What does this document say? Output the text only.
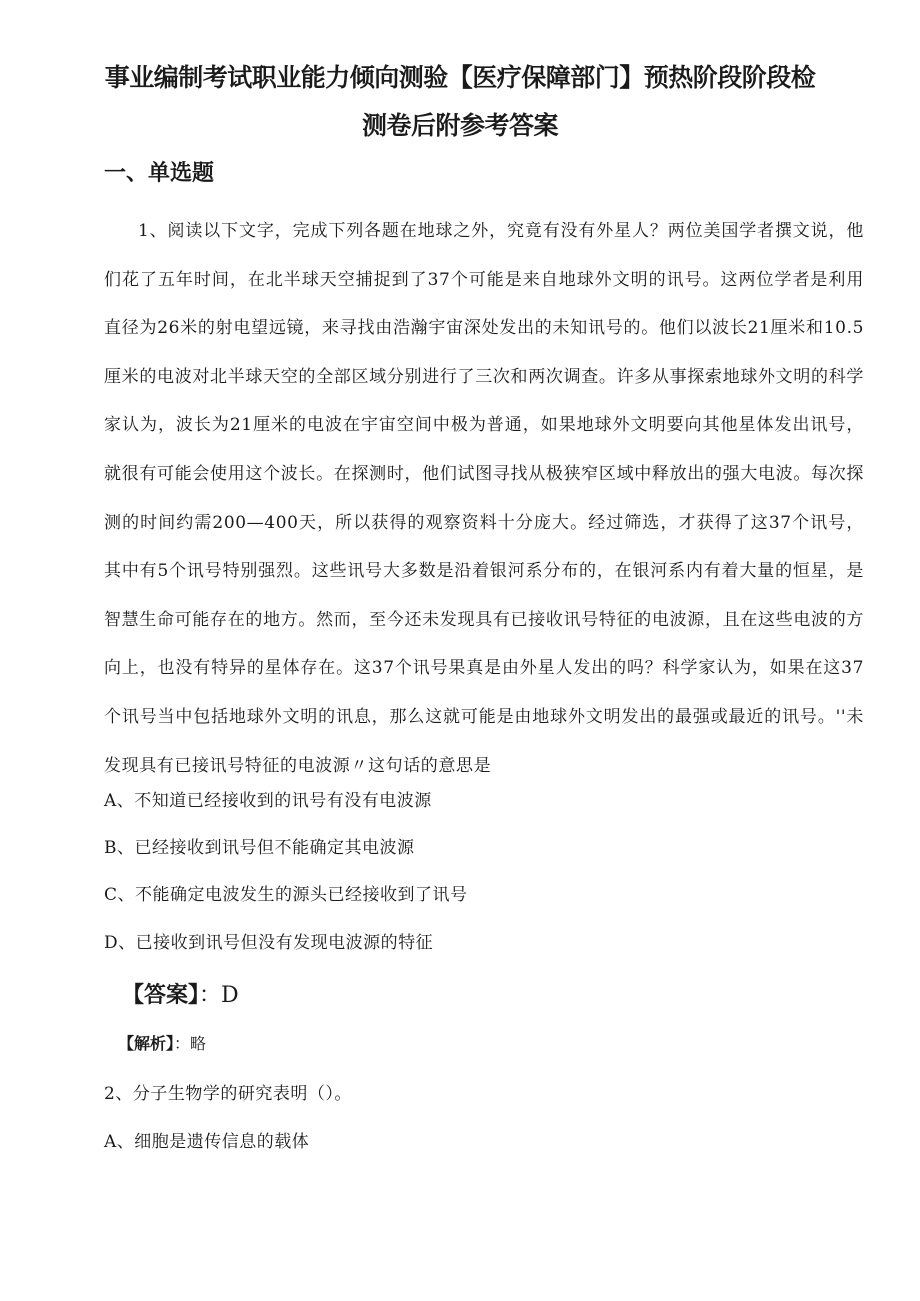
事业编制考试职业能力倾向测验【医疗保障部门】预热阶段阶段检
测卷后附参考答案
一、单选题

1、阅读以下文字，完成下列各题在地球之外，究竟有没有外星人？两位美国学者撰文说，他们花了五年时间，在北半球天空捕捉到了37个可能是来自地球外文明的讯号。这两位学者是利用直径为26米的射电望远镜，来寻找由浩瀚宇宙深处发出的未知讯号的。他们以波长21厘米和10.5厘米的电波对北半球天空的全部区域分别进行了三次和两次调查。许多从事探索地球外文明的科学家认为，波长为21厘米的电波在宇宙空间中极为普通，如果地球外文明要向其他星体发出讯号，就很有可能会使用这个波长。在探测时，他们试图寻找从极狭窄区域中释放出的强大电波。每次探测的时间约需200—400天，所以获得的观察资料十分庞大。经过筛选，才获得了这37个讯号，其中有5个讯号特别强烈。这些讯号大多数是沿着银河系分布的，在银河系内有着大量的恒星，是智慧生命可能存在的地方。然而，至今还未发现具有已接收讯号特征的电波源，且在这些电波的方向上，也没有特异的星体存在。这37个讯号果真是由外星人发出的吗？科学家认为，如果在这37个讯号当中包括地球外文明的讯息，那么这就可能是由地球外文明发出的最强或最近的讯号。''未发现具有已接讯号特征的电波源〃这句话的意思是

A、不知道已经接收到的讯号有没有电波源

B、已经接收到讯号但不能确定其电波源

C、不能确定电波发生的源头已经接收到了讯号

D、已接收到讯号但没有发现电波源的特征

【答案】：D

【解析】：略

2、分子生物学的研究表明（）。

A、细胞是遗传信息的载体
